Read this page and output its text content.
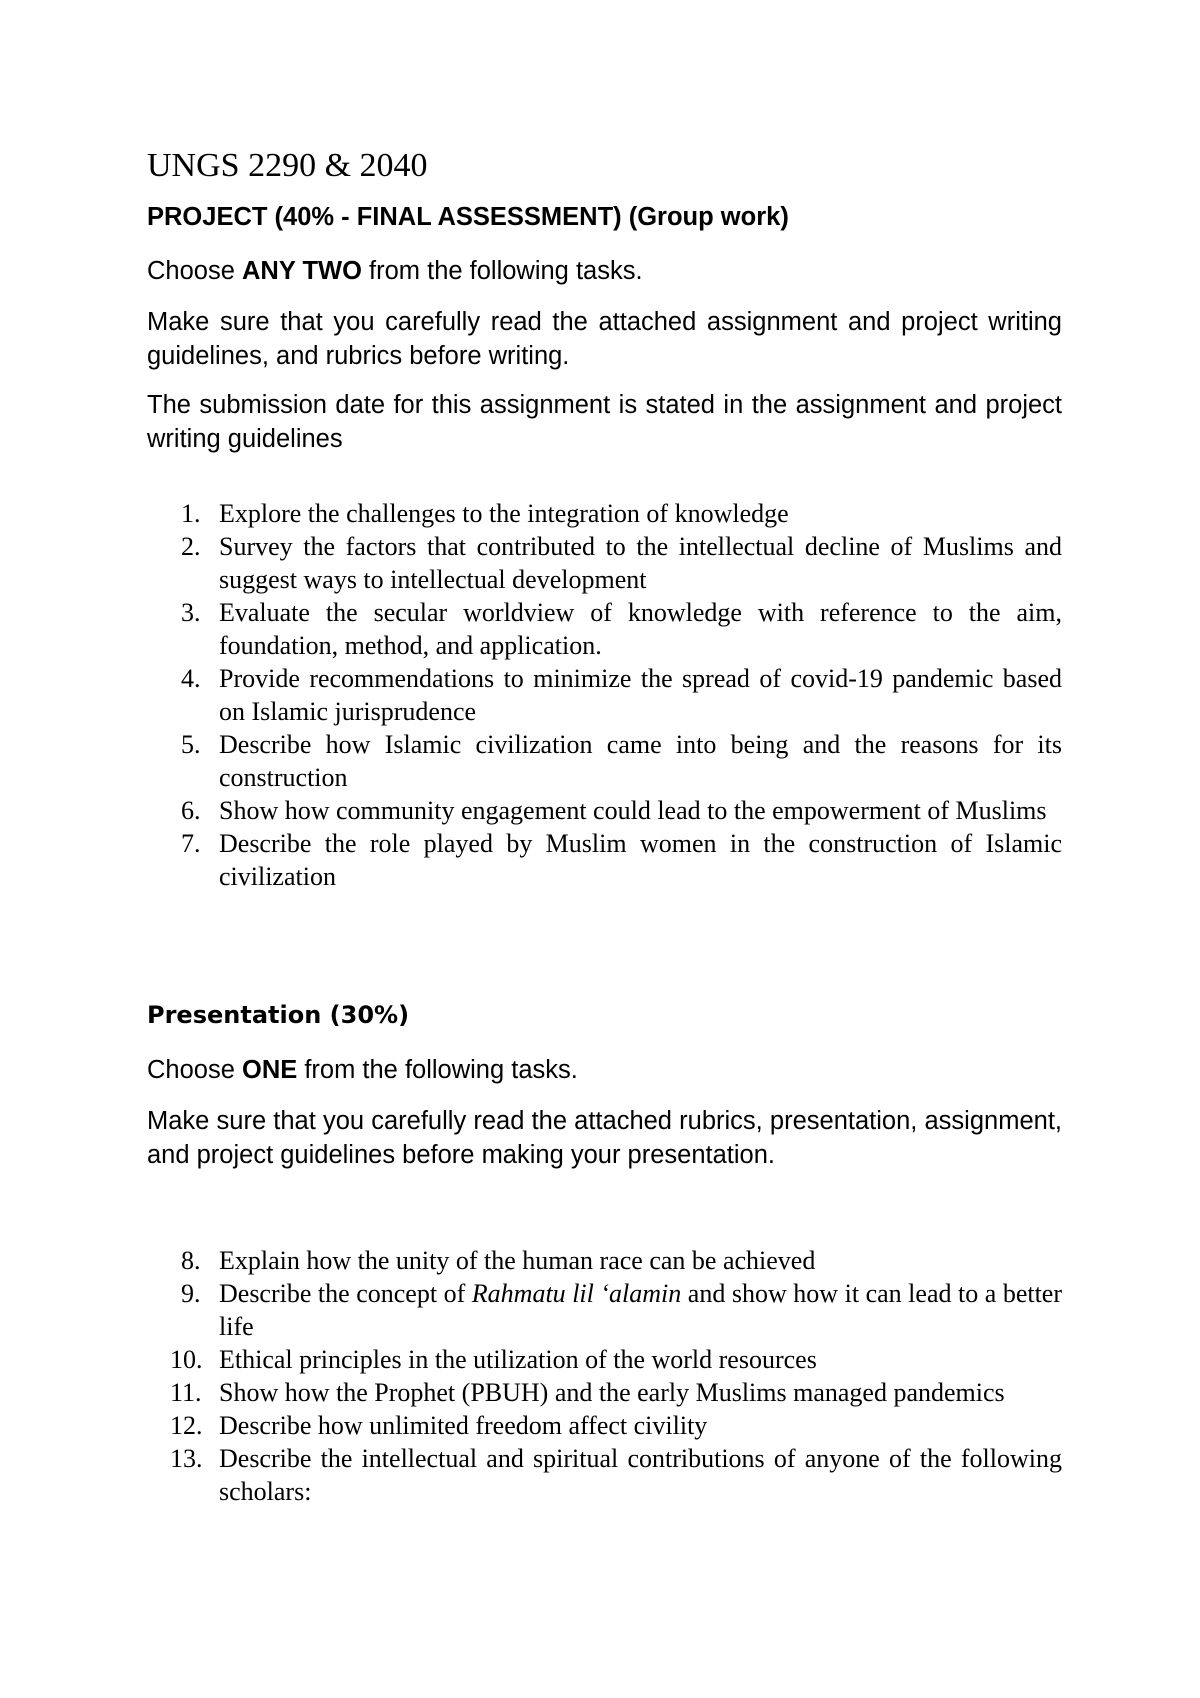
UNGS 2290 & 2040

PROJECT (40% - FINAL ASSESSMENT) (Group work)

Choose ANY TWO from the following tasks.

Make sure that you carefully read the attached assignment and project writing guidelines, and rubrics before writing.

The submission date for this assignment is stated in the assignment and project writing guidelines

1. Explore the challenges to the integration of knowledge
2. Survey the factors that contributed to the intellectual decline of Muslims and suggest ways to intellectual development
3. Evaluate the secular worldview of knowledge with reference to the aim, foundation, method, and application.
4. Provide recommendations to minimize the spread of covid-19 pandemic based on Islamic jurisprudence
5. Describe how Islamic civilization came into being and the reasons for its construction
6. Show how community engagement could lead to the empowerment of Muslims
7. Describe the role played by Muslim women in the construction of Islamic civilization

Presentation (30%)

Choose ONE from the following tasks.

Make sure that you carefully read the attached rubrics, presentation, assignment, and project guidelines before making your presentation.

8. Explain how the unity of the human race can be achieved
9. Describe the concept of Rahmatu lil ‘alamin and show how it can lead to a better life
10. Ethical principles in the utilization of the world resources
11. Show how the Prophet (PBUH) and the early Muslims managed pandemics
12. Describe how unlimited freedom affect civility
13. Describe the intellectual and spiritual contributions of anyone of the following scholars:
